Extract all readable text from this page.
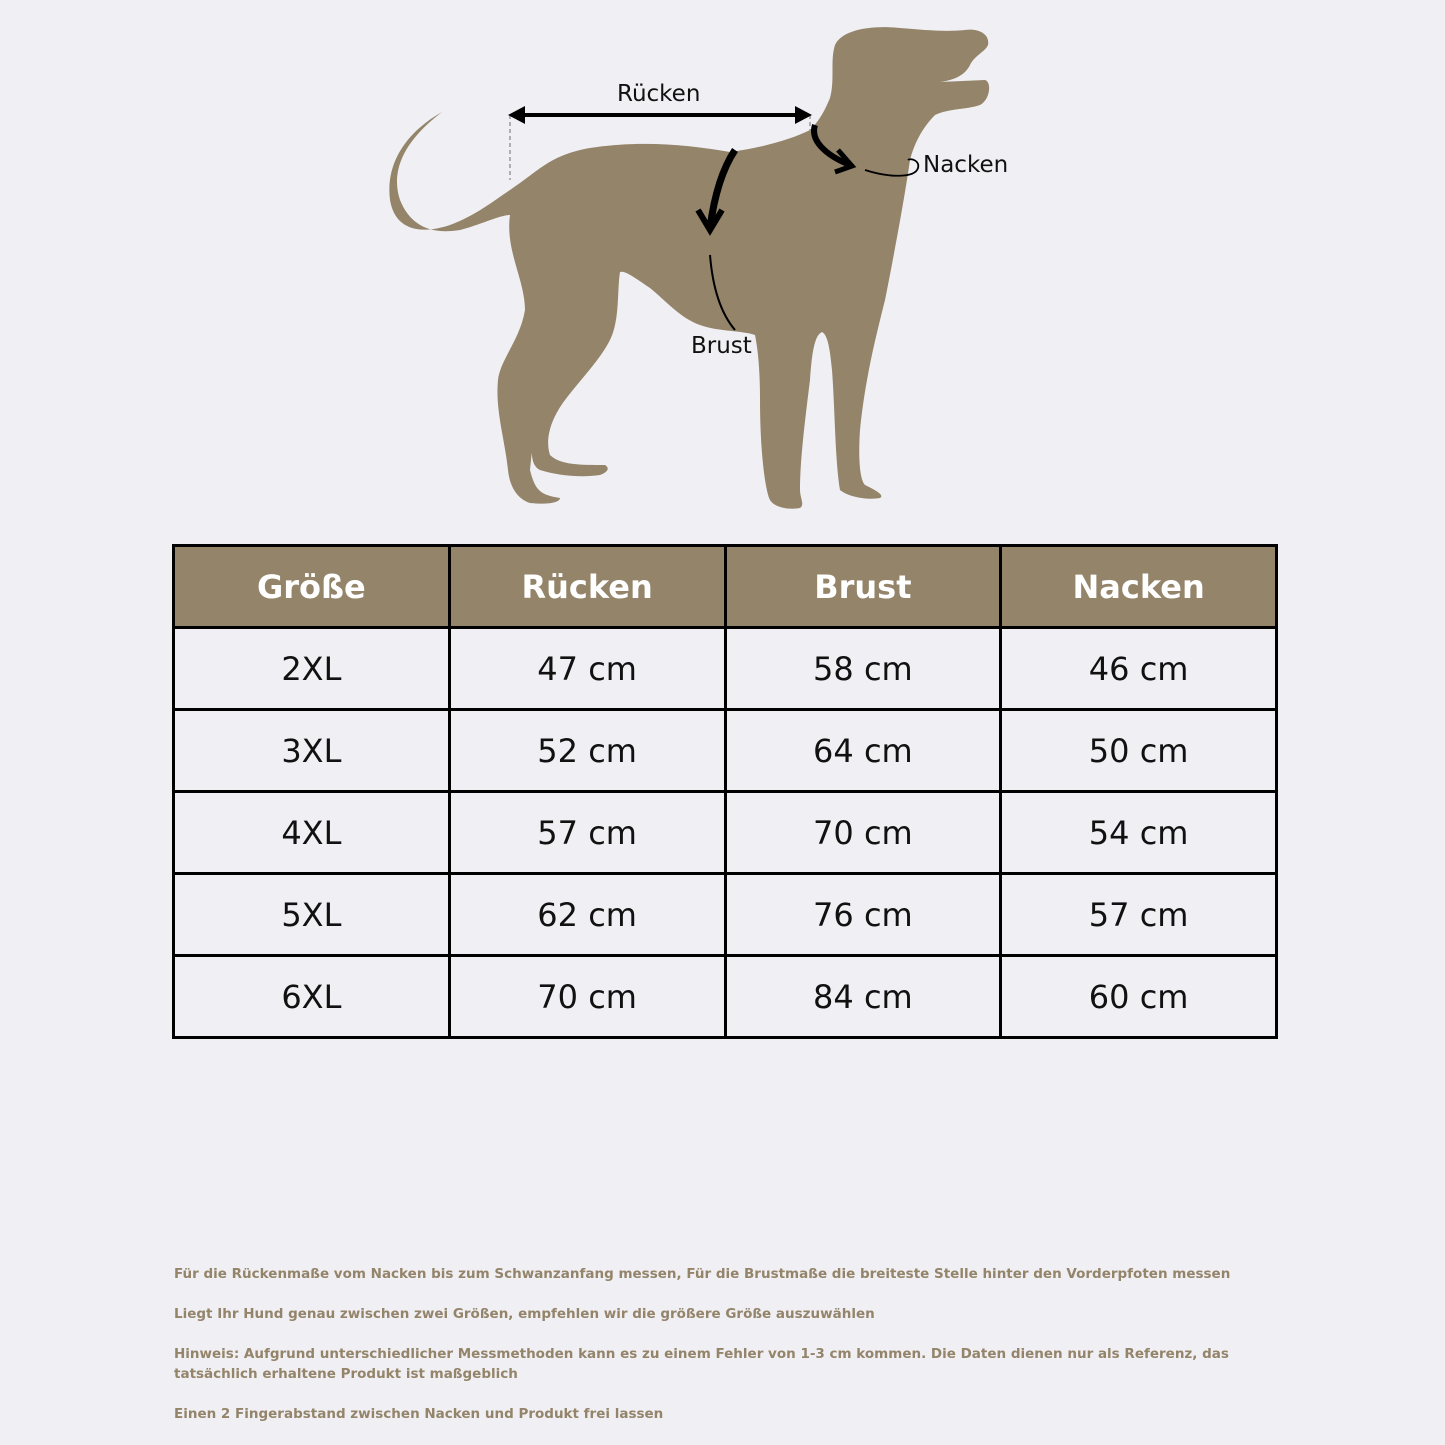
Rücken
Nacken
Brust
Größe	Rücken	Brust	Nacken
2XL	47 cm	58 cm	46 cm
3XL	52 cm	64 cm	50 cm
4XL	57 cm	70 cm	54 cm
5XL	62 cm	76 cm	57 cm
6XL	70 cm	84 cm	60 cm

Für die Rückenmaße vom Nacken bis zum Schwanzanfang messen, Für die Brustmaße die breiteste Stelle hinter den Vorderpfoten messen

Liegt Ihr Hund genau zwischen zwei Größen, empfehlen wir die größere Größe auszuwählen

Hinweis: Aufgrund unterschiedlicher Messmethoden kann es zu einem Fehler von 1-3 cm kommen. Die Daten dienen nur als Referenz, das tatsächlich erhaltene Produkt ist maßgeblich

Einen 2 Fingerabstand zwischen Nacken und Produkt frei lassen
